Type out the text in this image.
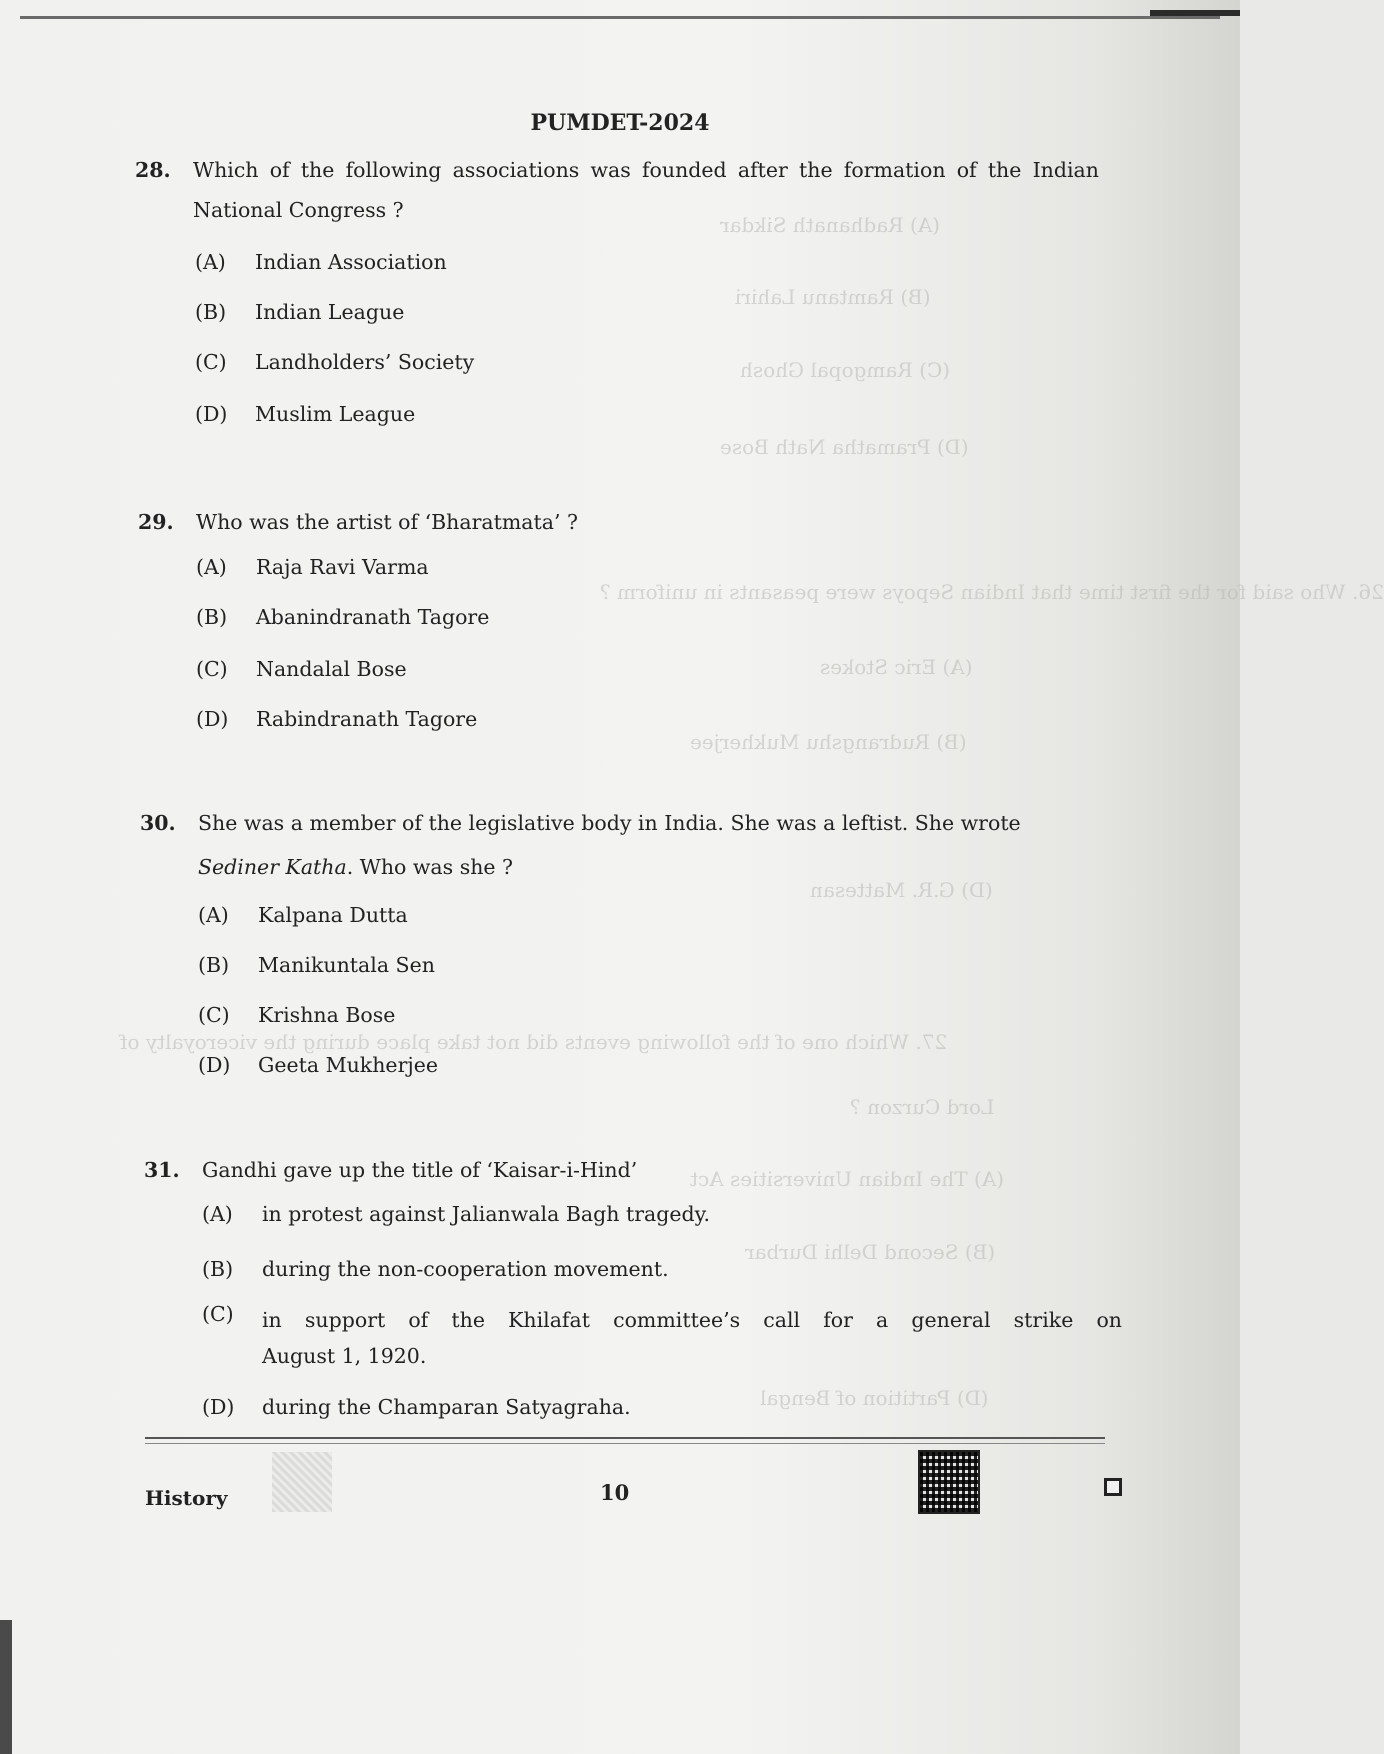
(A) Radhanath Sikdar
(B) Ramtanu Lahiri
(C) Ramgopal Ghosh
(D) Pramatha Nath Bose
26. Who said for the first time that Indian Sepoys were peasants in uniform ?
(A) Eric Stokes
(B) Rudrangshu Mukherjee
(D) G.R. Mattesan
27. Which one of the following events did not take place during the viceroyalty of
Lord Curzon ?
(A) The Indian Universities Act
(B) Second Delhi Durbar
(D) Partition of Bengal
PUMDET-2024
28. Which of the following associations was founded after the formation of the Indian National Congress ?
(A) Indian Association
(B) Indian League
(C) Landholders’ Society
(D) Muslim League
29. Who was the artist of ‘Bharatmata’ ?
(A) Raja Ravi Varma
(B) Abanindranath Tagore
(C) Nandalal Bose
(D) Rabindranath Tagore
30. She was a member of the legislative body in India. She was a leftist. She wrote
Sediner Katha. Who was she ?
(A) Kalpana Dutta
(B) Manikuntala Sen
(C) Krishna Bose
(D) Geeta Mukherjee
31. Gandhi gave up the title of ‘Kaisar-i-Hind’
(A) in protest against Jalianwala Bagh tragedy.
(B) during the non-cooperation movement.
(C)	in support of the Khilafat committee’s call for a general strike on
August 1, 1920.
(D) during the Champaran Satyagraha.
History	10
